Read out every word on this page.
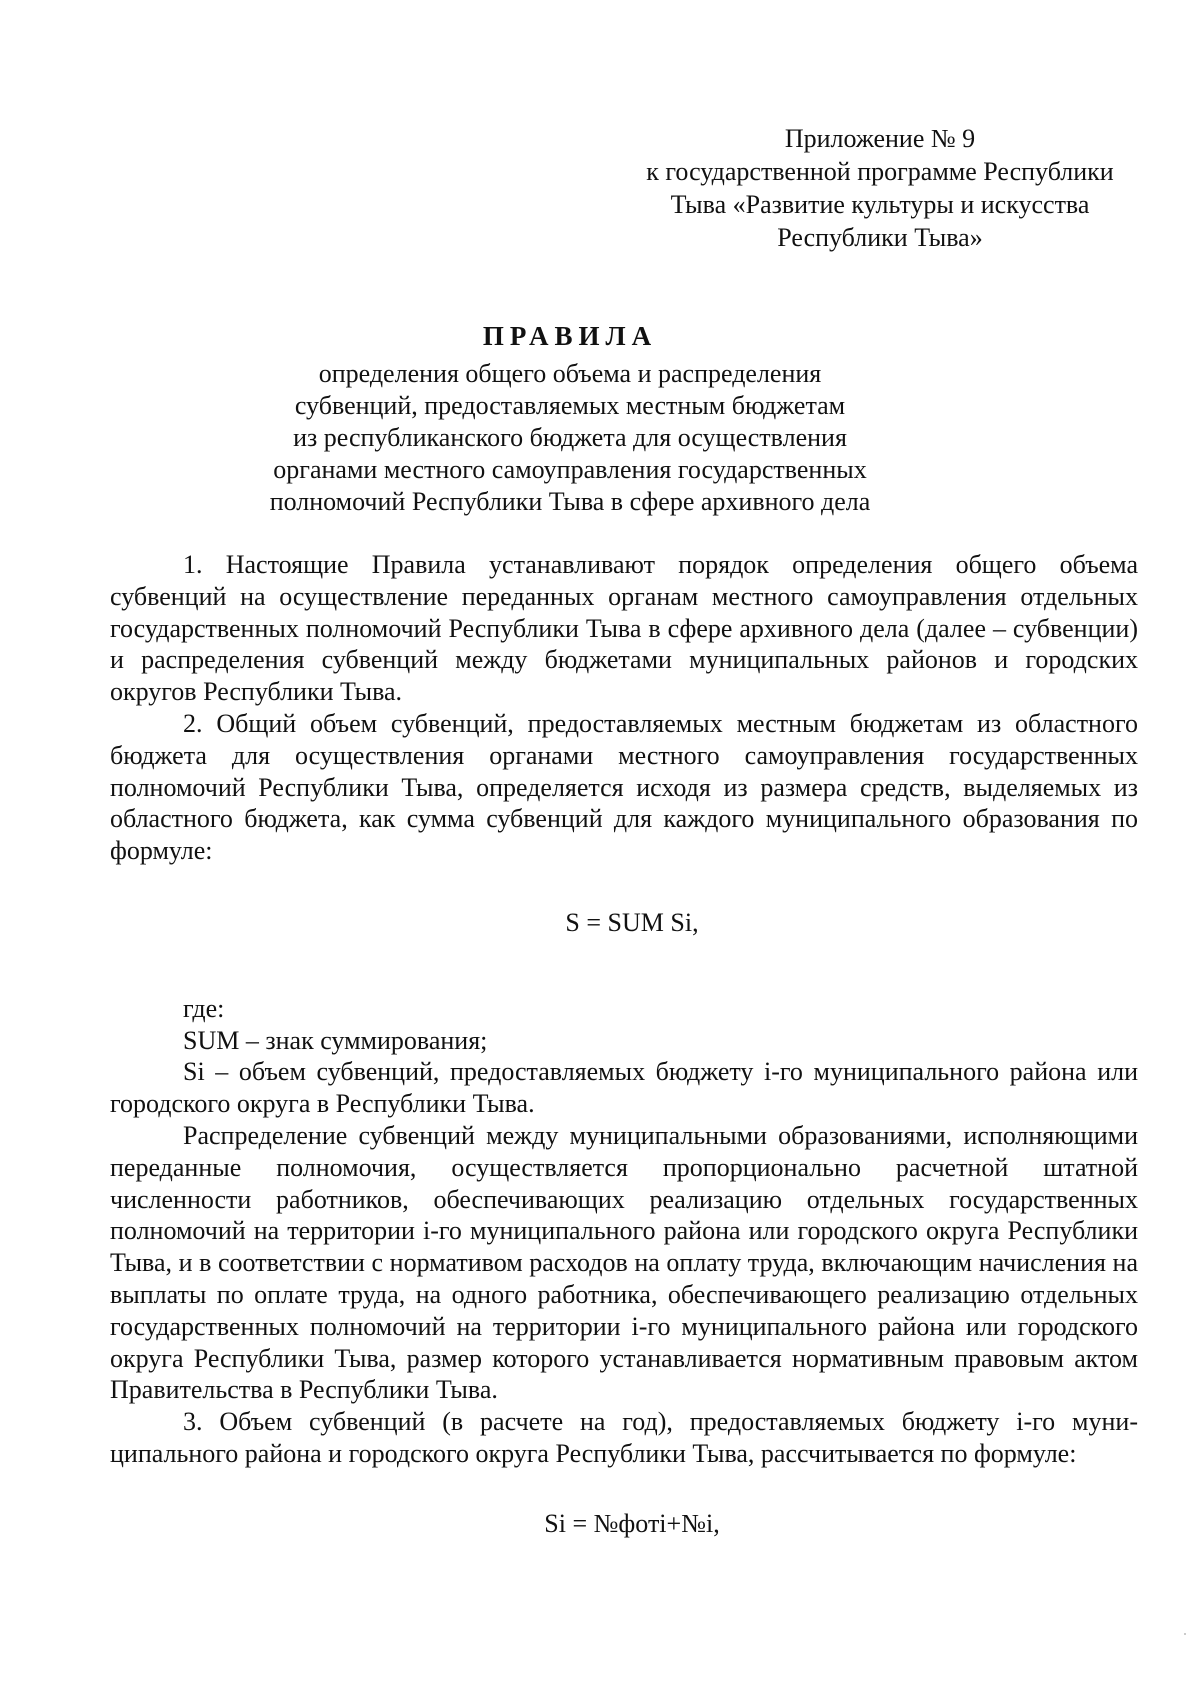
Приложение № 9
к государственной программе Республики
Тыва «Развитие культуры и искусства
Республики Тыва»
ПРАВИЛА
определения общего объема и распределения
субвенций, предоставляемых местным бюджетам
из республиканского бюджета для осуществления
органами местного самоуправления государственных
полномочий Республики Тыва в сфере архивного дела

1. Настоящие Правила устанавливают порядок определения общего объема субвенций на осуществление переданных органам местного самоуправления отдельных государственных полномочий Республики Тыва в сфере архивного дела (далее – субвенции) и распределения субвенций между бюджетами муниципальных районов и городских округов Республики Тыва.

2. Общий объем субвенций, предоставляемых местным бюджетам из областного бюджета для осуществления органами местного самоуправления государственных полномочий Республики Тыва, определяется исходя из размера средств, выделяемых из областного бюджета, как сумма субвенций для каждого муниципального образования по формуле:

S = SUM Si,

где:

SUM – знак суммирования;

Si – объем субвенций, предоставляемых бюджету i-го муниципального района или городского округа в Республики Тыва.

Распределение субвенций между муниципальными образованиями, исполняющими переданные полномочия, осуществляется пропорционально расчетной штатной численности работников, обеспечивающих реализацию отдельных государственных полномочий на территории i-го муниципального района или городского округа Республики Тыва, и в соответствии с нормативом расходов на оплату труда, включающим начисления на выплаты по оплате труда, на одного работника, обеспечивающего реализацию отдельных государственных полномочий на территории i-го муниципального района или городского округа Республики Тыва, размер которого устанавливается нормативным правовым актом Правительства в Республики Тыва.

3. Объем субвенций (в расчете на год), предоставляемых бюджету i-го муниципального района и городского округа Республики Тыва, рассчитывается по формуле:

Si = №фотi+№i,
